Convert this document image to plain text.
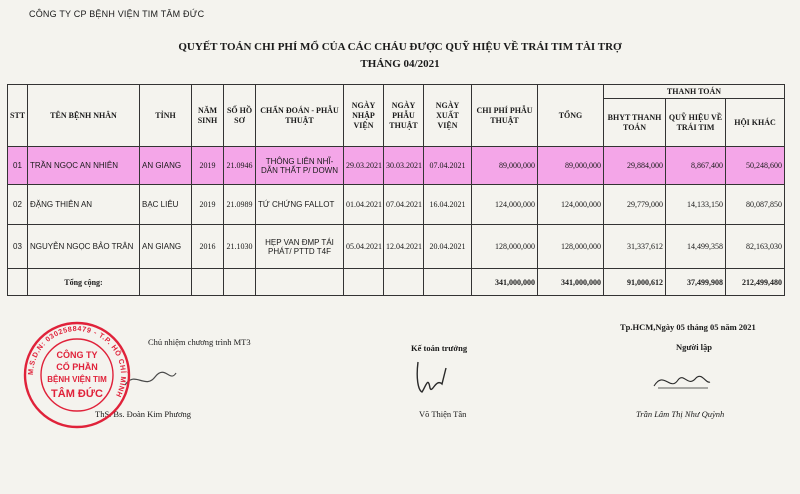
CÔNG TY CP BỆNH VIỆN TIM TÂM ĐỨC
QUYẾT TOÁN CHI PHÍ MỔ CỦA CÁC CHÁU ĐƯỢC QUỸ HIỆU VỀ TRÁI TIM TÀI TRỢ
THÁNG 04/2021
STT	TÊN BỆNH NHÂN	TỈNH	NĂM SINH	SỐ HỒ SƠ	CHẨN ĐOÁN - PHẪU THUẬT	NGÀY NHẬP VIỆN	NGÀY PHẪU THUẬT	NGÀY XUẤT VIỆN	CHI PHÍ PHẪU THUẬT	TỔNG	THANH TOÁN		
											BHYT THANH TOÁN	QUỸ HIỆU VỀ TRÁI TIM	HỘI KHÁC
01	TRẦN NGỌC AN NHIÊN	AN GIANG	2019	21.0946	THÔNG LIÊN NHĨ- DẪN THẤT P/ DOWN	29.03.2021	30.03.2021	07.04.2021	89,000,000	89,000,000	29,884,000	8,867,400	50,248,600
02	ĐẶNG THIÊN AN	BẠC LIÊU	2019	21.0989	TỨ CHỨNG FALLOT	01.04.2021	07.04.2021	16.04.2021	124,000,000	124,000,000	29,779,000	14,133,150	80,087,850
03	NGUYỄN NGỌC BẢO TRÂN	AN GIANG	2016	21.1030	HẸP VAN ĐMP TÁI PHÁT/ PTTD T4F	05.04.2021	12.04.2021	20.04.2021	128,000,000	128,000,000	31,337,612	14,499,358	82,163,030
	Tổng cộng:								341,000,000	341,000,000	91,000,612	37,499,908	212,499,480
Chủ nhiệm chương trình MT3
ThS. Bs. Đoàn Kim Phương
Kế toán trưởng
Võ Thiện Tân
Tp.HCM,Ngày 05 tháng 05 năm 2021
Người lập
Trần Lâm Thị Như Quỳnh
M.S.D.N: 0302588479 - T.P. HỒ CHÍ MINH
CÔNG TY
CỔ PHẦN
BỆNH VIỆN TIM
TÂM ĐỨC
